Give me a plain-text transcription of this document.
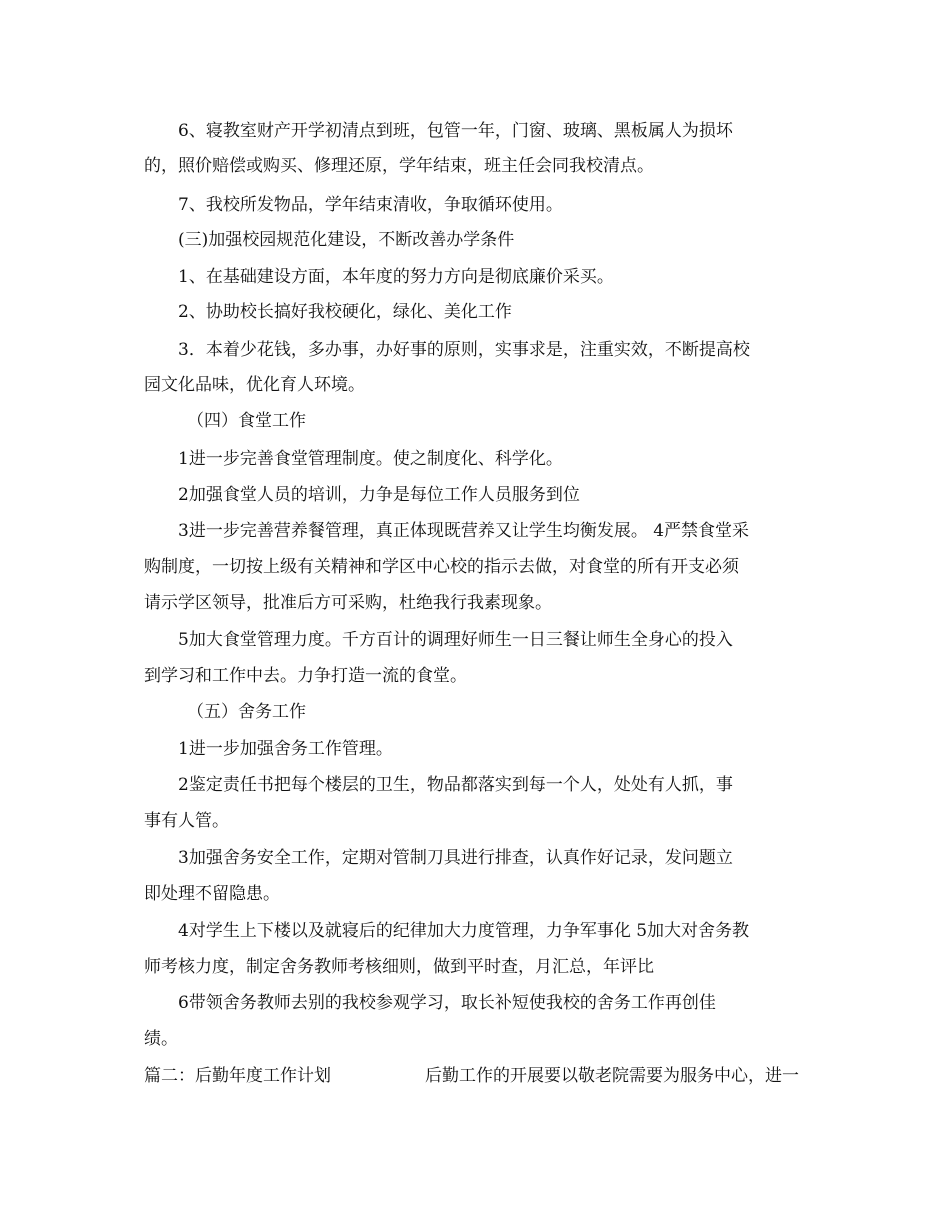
6、寝教室财产开学初清点到班，包管一年，门窗、玻璃、黑板属人为损坏
的，照价赔偿或购买、修理还原，学年结束，班主任会同我校清点。
7、我校所发物品，学年结束清收，争取循环使用。
(三)加强校园规范化建设，不断改善办学条件
1、在基础建设方面，本年度的努力方向是彻底廉价采买。
2、协助校长搞好我校硬化，绿化、美化工作
3．本着少花钱，多办事，办好事的原则，实事求是，注重实效，不断提高校
园文化品味，优化育人环境。
（四）食堂工作
1进一步完善食堂管理制度。使之制度化、科学化。
2加强食堂人员的培训，力争是每位工作人员服务到位
3进一步完善营养餐管理，真正体现既营养又让学生均衡发展。 4严禁食堂采
购制度，一切按上级有关精神和学区中心校的指示去做，对食堂的所有开支必须
请示学区领导，批准后方可采购，杜绝我行我素现象。
5加大食堂管理力度。千方百计的调理好师生一日三餐让师生全身心的投入
到学习和工作中去。力争打造一流的食堂。
（五）舍务工作
1进一步加强舍务工作管理。
2鉴定责任书把每个楼层的卫生，物品都落实到每一个人，处处有人抓，事
事有人管。
3加强舍务安全工作，定期对管制刀具进行排查，认真作好记录，发问题立
即处理不留隐患。
4对学生上下楼以及就寝后的纪律加大力度管理，力争军事化 5加大对舍务教
师考核力度，制定舍务教师考核细则，做到平时查，月汇总，年评比
6带领舍务教师去别的我校参观学习，取长补短使我校的舍务工作再创佳
绩。
篇二：后勤年度工作计划	后勤工作的开展要以敬老院需要为服务中心，进一
